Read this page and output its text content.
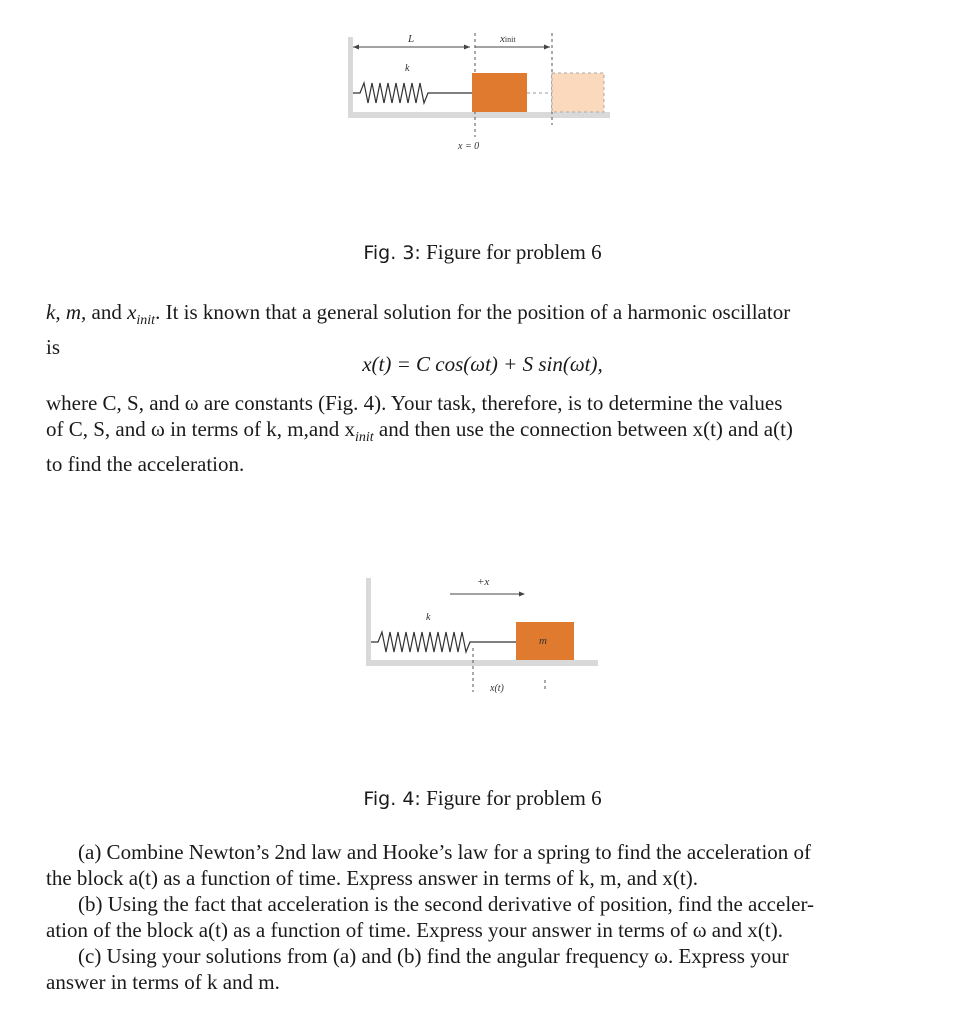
L	xinit
k
x = 0
Fig. 3: Figure for problem 6
k, m, and $x_{init}$. It is known that a general solution for the position of a harmonic oscillator
is
x(t) = C cos(ωt) + S sin(ωt),
where C, S, and ω are constants (Fig. 4). Your task, therefore, is to determine the values
of C, S, and ω in terms of k, m,and $x_{init}$ and then use the connection between x(t) and a(t)
to find the acceleration.
+x
k
m
x(t)
Fig. 4: Figure for problem 6
(a) Combine Newton’s 2nd law and Hooke’s law for a spring to find the acceleration of
the block a(t) as a function of time. Express answer in terms of k, m, and x(t).
(b) Using the fact that acceleration is the second derivative of position, find the acceler-
ation of the block a(t) as a function of time. Express your answer in terms of ω and x(t).
(c) Using your solutions from (a) and (b) find the angular frequency ω. Express your
answer in terms of k and m.
